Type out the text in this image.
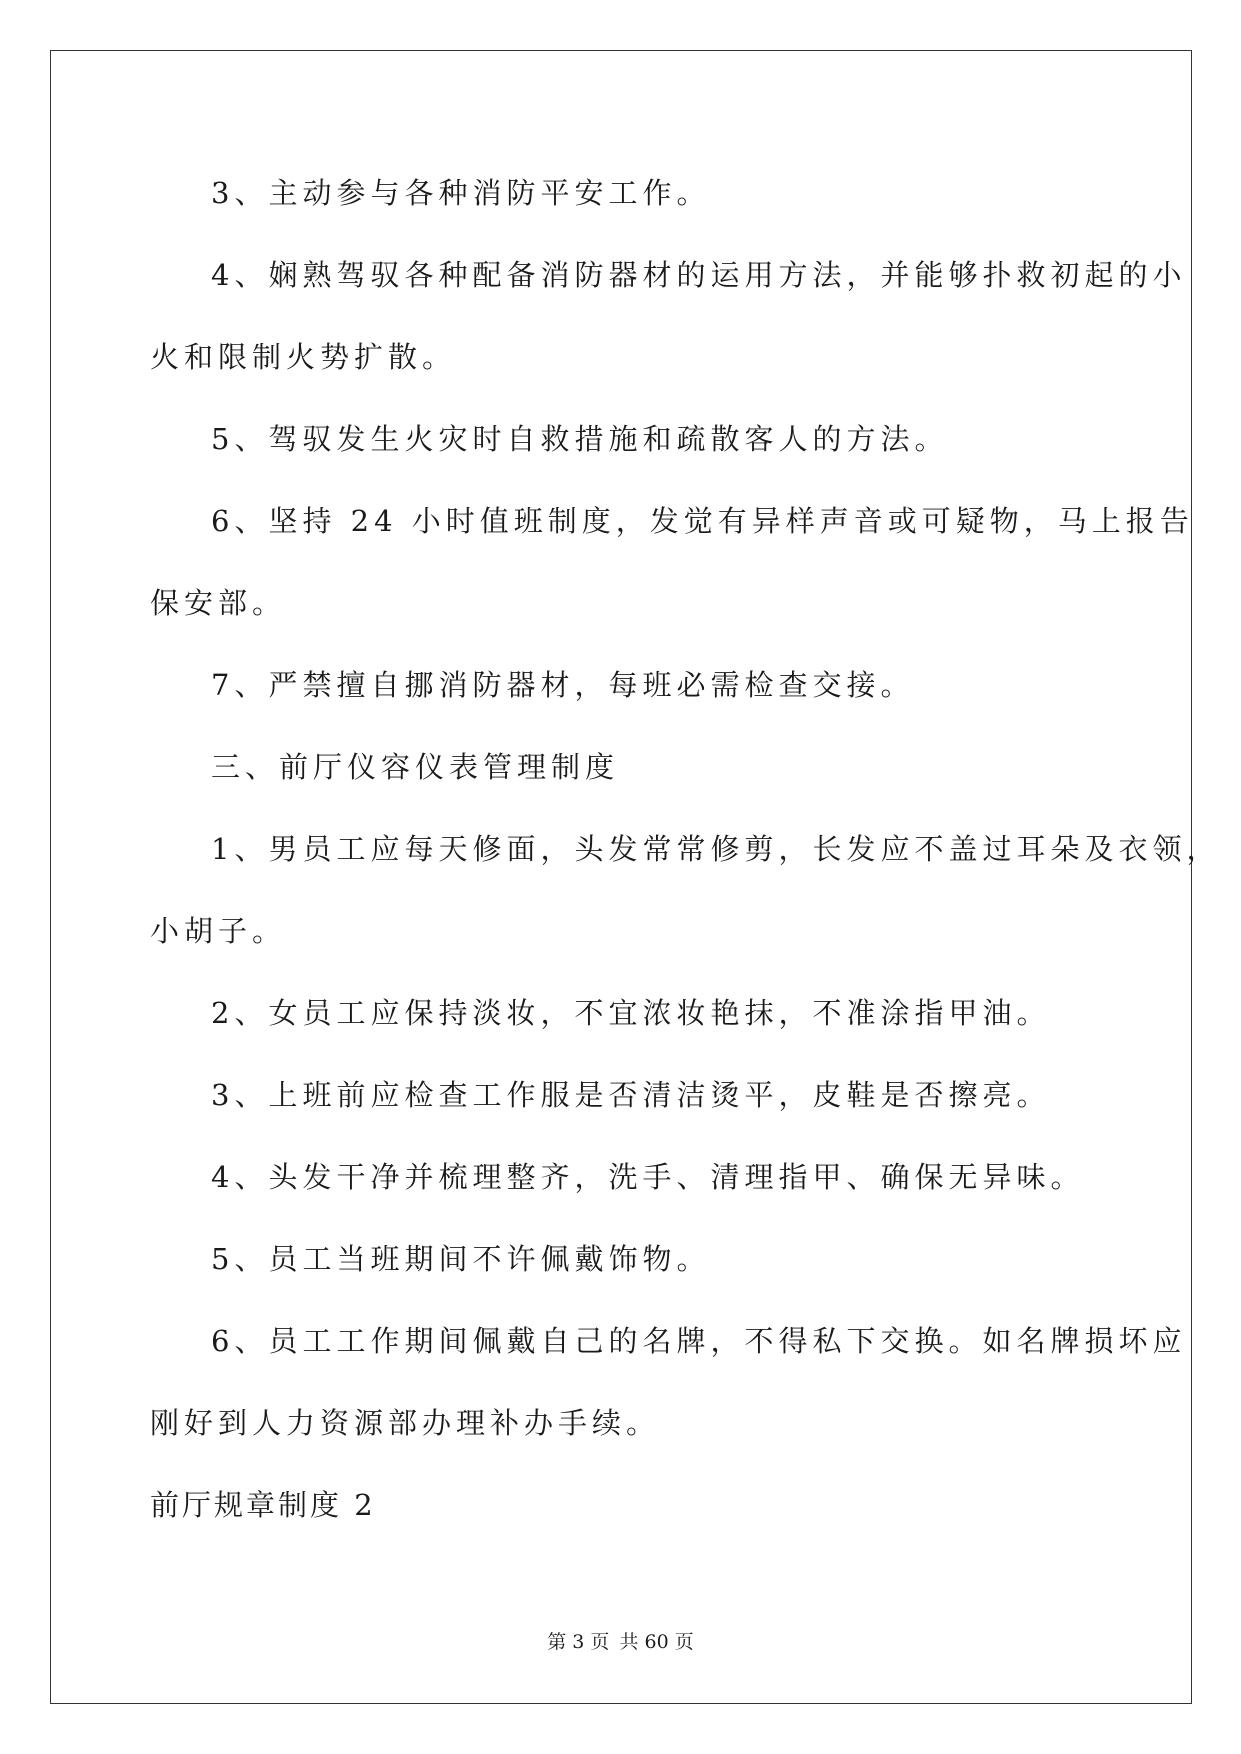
3、主动参与各种消防平安工作。
4、娴熟驾驭各种配备消防器材的运用方法，并能够扑救初起的小
火和限制火势扩散。
5、驾驭发生火灾时自救措施和疏散客人的方法。
6、坚持 24 小时值班制度，发觉有异样声音或可疑物，马上报告
保安部。
7、严禁擅自挪消防器材，每班必需检查交接。
三、前厅仪容仪表管理制度
1、男员工应每天修面，头发常常修剪，长发应不盖过耳朵及衣领，
小胡子。
2、女员工应保持淡妆，不宜浓妆艳抹，不准涂指甲油。
3、上班前应检查工作服是否清洁烫平，皮鞋是否擦亮。
4、头发干净并梳理整齐，洗手、清理指甲、确保无异味。
5、员工当班期间不许佩戴饰物。
6、员工工作期间佩戴自己的名牌，不得私下交换。如名牌损坏应
刚好到人力资源部办理补办手续。
前厅规章制度 2
第 3 页 共 60 页
